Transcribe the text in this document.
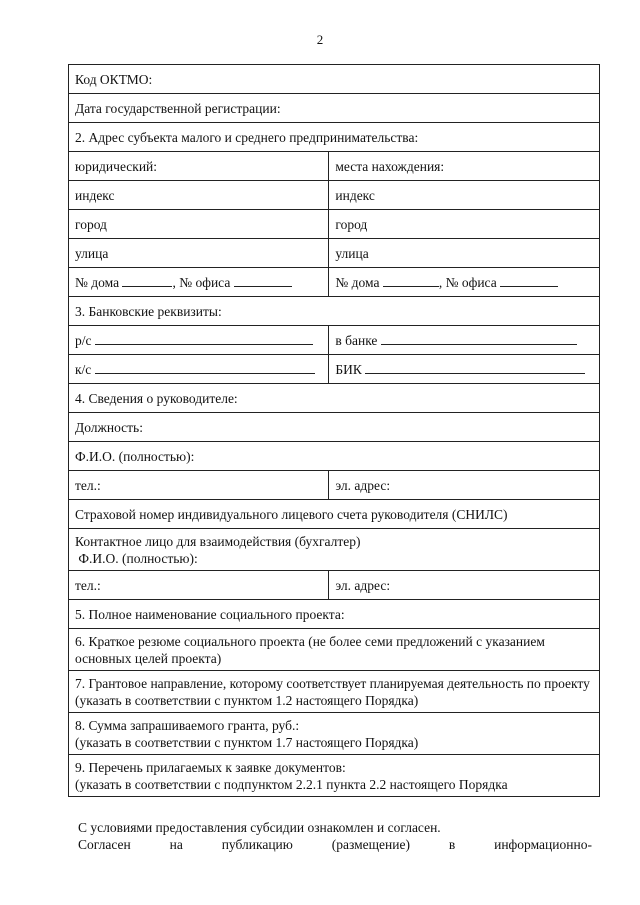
2
Код ОКТМО:	
Дата государственной регистрации:	
2. Адрес субъекта малого и среднего предпринимательства:	
юридический:	места нахождения:
индекс	индекс
город	город
улица	улица
№ дома , № офиса	№ дома , № офиса
3. Банковские реквизиты:	
р/с	в банке
к/с	БИК
4. Сведения о руководителе:	
Должность:	
Ф.И.О. (полностью):	
тел.:	эл. адрес:
Страховой номер индивидуального лицевого счета руководителя (СНИЛС)	

Контактное лицо для взаимодействия (бухгалтер)
Ф.И.О. (полностью):	

тел.:	эл. адрес:
5. Полное наименование социального проекта:	
6. Краткое резюме социального проекта (не более семи предложений с указанием основных целей проекта)	
7. Грантовое направление, которому соответствует планируемая деятельность по проекту (указать в соответствии с пунктом 1.2 настоящего Порядка)	

8. Сумма запрашиваемого гранта, руб.:
(указать в соответствии с пунктом 1.7 настоящего Порядка)	

9. Перечень прилагаемых к заявке документов:
(указать в соответствии с подпунктом 2.2.1 пункта 2.2 настоящего Порядка	
С условиями предоставления субсидии ознакомлен и согласен.
Согласен	на	публикацию	(размещение)	в	информационно-
